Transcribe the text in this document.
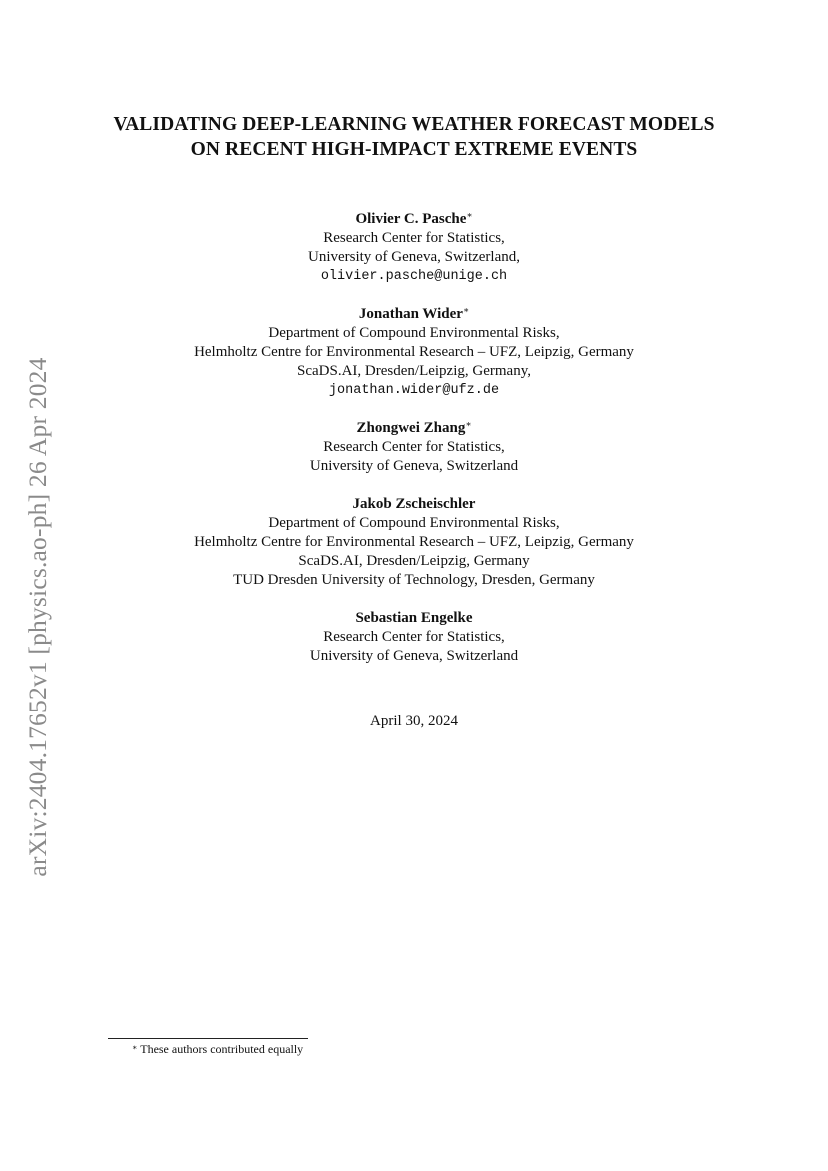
arXiv:2404.17652v1 [physics.ao-ph] 26 Apr 2024
VALIDATING DEEP-LEARNING WEATHER FORECAST MODELS
ON RECENT HIGH-IMPACT EXTREME EVENTS
Olivier C. Pasche∗
Research Center for Statistics,
University of Geneva, Switzerland,
olivier.pasche@unige.ch
Jonathan Wider∗
Department of Compound Environmental Risks,
Helmholtz Centre for Environmental Research – UFZ, Leipzig, Germany
ScaDS.AI, Dresden/Leipzig, Germany,
jonathan.wider@ufz.de
Zhongwei Zhang∗
Research Center for Statistics,
University of Geneva, Switzerland
Jakob Zscheischler
Department of Compound Environmental Risks,
Helmholtz Centre for Environmental Research – UFZ, Leipzig, Germany
ScaDS.AI, Dresden/Leipzig, Germany
TUD Dresden University of Technology, Dresden, Germany
Sebastian Engelke
Research Center for Statistics,
University of Geneva, Switzerland
April 30, 2024
∗ These authors contributed equally
